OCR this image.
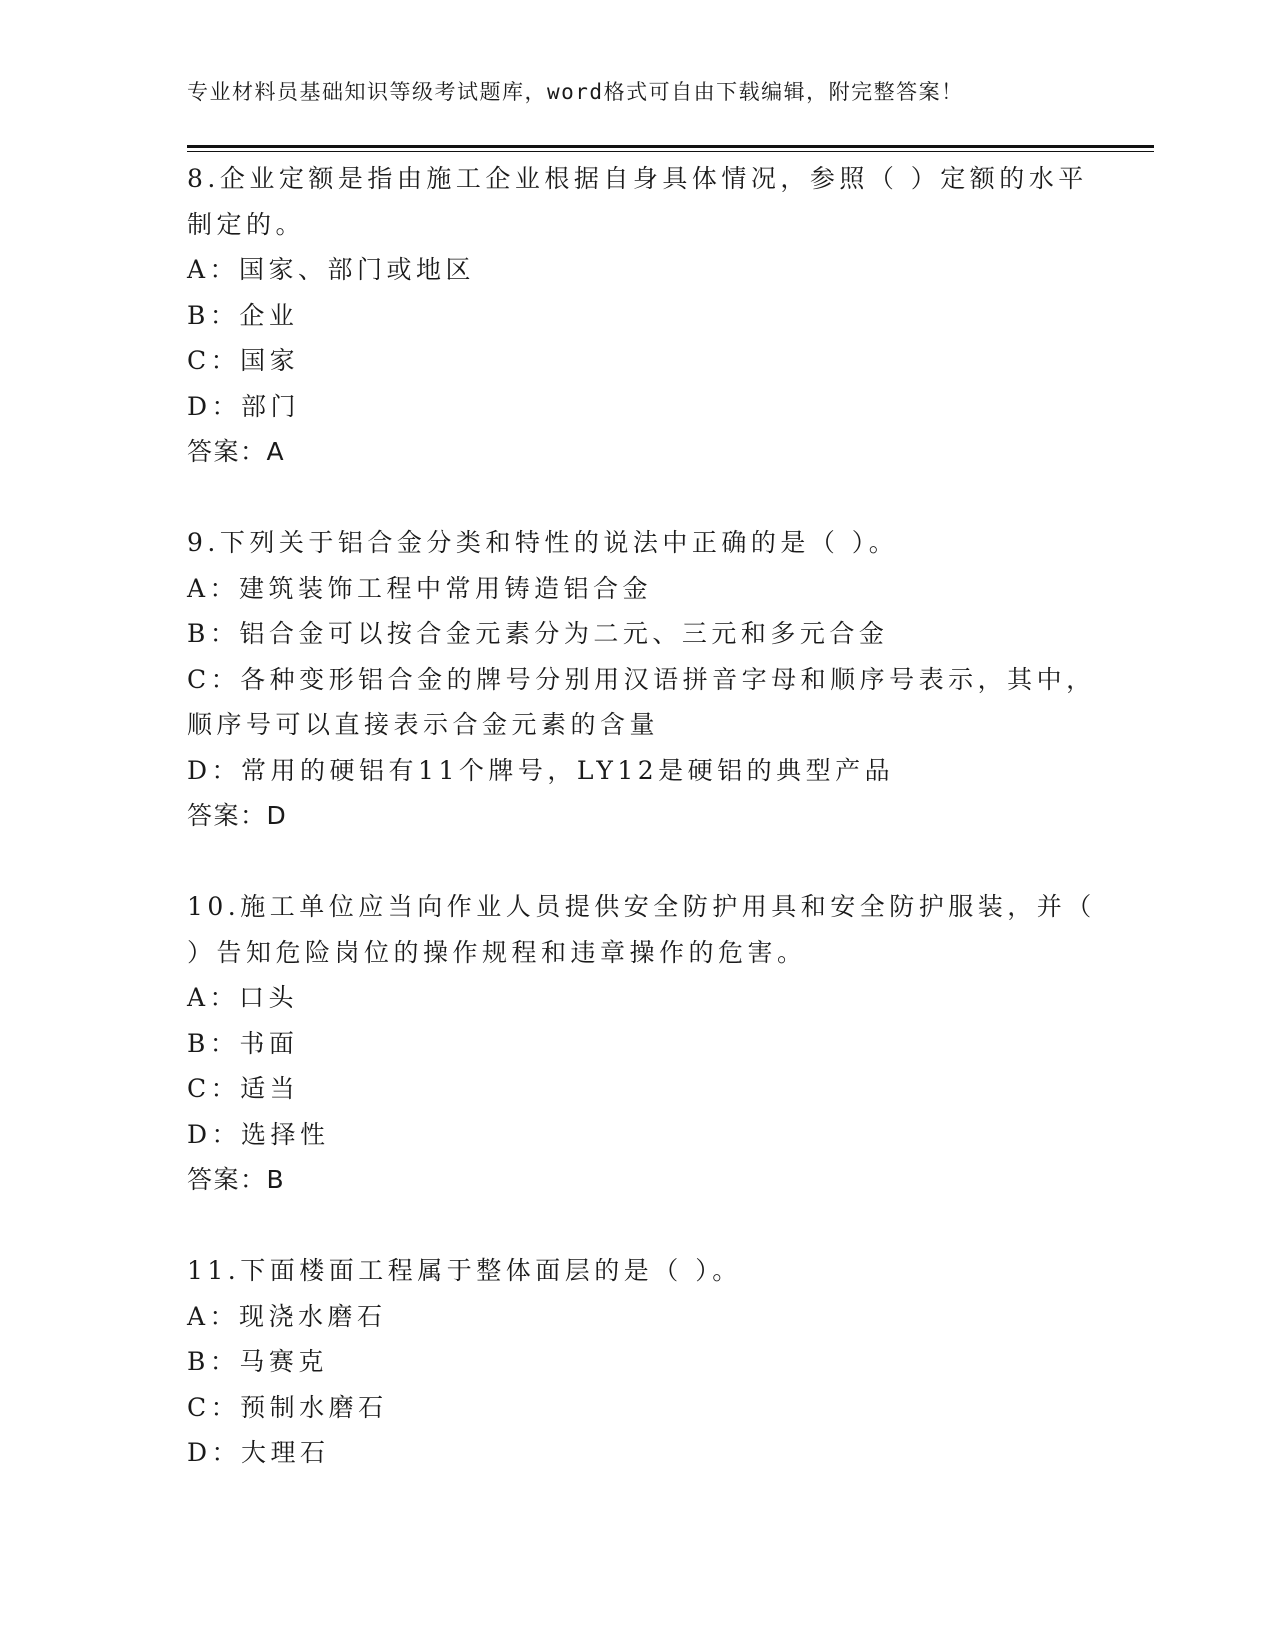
专业材料员基础知识等级考试题库，word格式可自由下载编辑，附完整答案！
8.企业定额是指由施工企业根据自身具体情况，参照（ ）定额的水平
制定的。
A：国家、部门或地区
B：企业
C：国家
D：部门
答案：A
9.下列关于铝合金分类和特性的说法中正确的是（ ）。
A：建筑装饰工程中常用铸造铝合金
B：铝合金可以按合金元素分为二元、三元和多元合金
C：各种变形铝合金的牌号分别用汉语拼音字母和顺序号表示，其中，
顺序号可以直接表示合金元素的含量
D：常用的硬铝有11个牌号，LY12是硬铝的典型产品
答案：D
10.施工单位应当向作业人员提供安全防护用具和安全防护服装，并（
）告知危险岗位的操作规程和违章操作的危害。
A：口头
B：书面
C：适当
D：选择性
答案：B
11.下面楼面工程属于整体面层的是（ ）。
A：现浇水磨石
B：马赛克
C：预制水磨石
D：大理石
